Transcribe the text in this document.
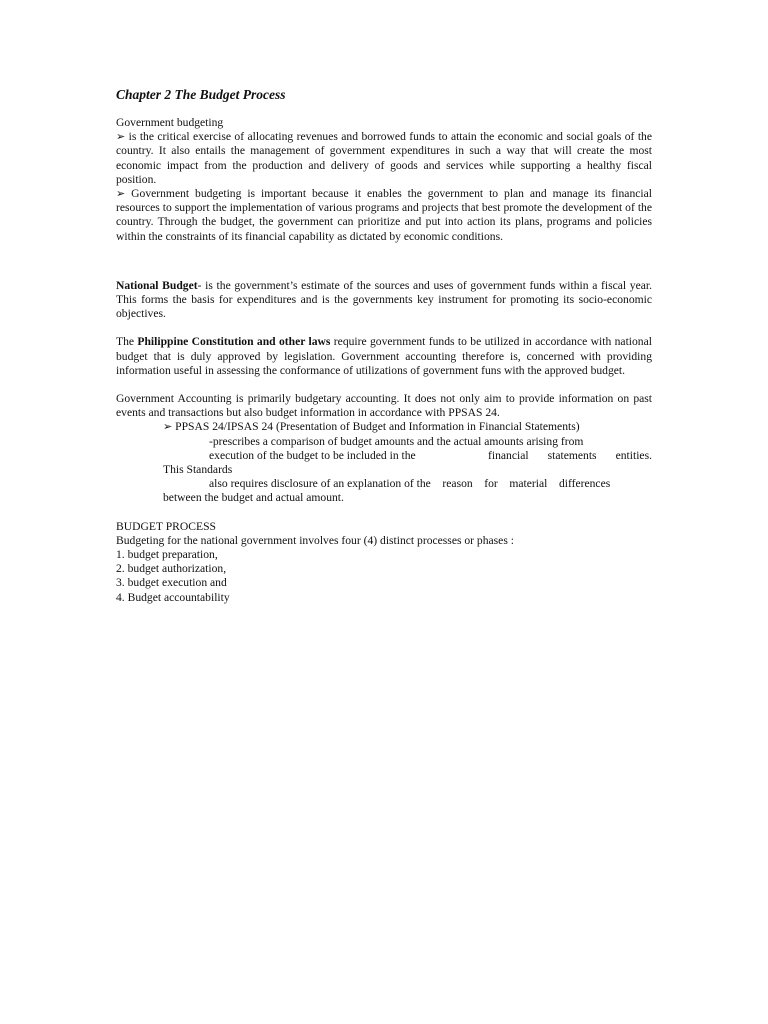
Chapter 2 The Budget Process

Government budgeting

➢ is the critical exercise of allocating revenues and borrowed funds to attain the economic and social goals of the country. It also entails the management of government expenditures in such a way that will create the most economic impact from the production and delivery of goods and services while supporting a healthy fiscal position.

➢ Government budgeting is important because it enables the government to plan and manage its financial resources to support the implementation of various programs and projects that best promote the development of the country. Through the budget, the government can prioritize and put into action its plans, programs and policies within the constraints of its financial capability as dictated by economic conditions.

National Budget- is the government’s estimate of the sources and uses of government funds within a fiscal year. This forms the basis for expenditures and is the governments key instrument for promoting its socio-economic objectives.

The Philippine Constitution and other laws require government funds to be utilized in accordance with national budget that is duly approved by legislation. Government accounting therefore is, concerned with providing information useful in assessing the conformance of utilizations of government funs with the approved budget.

Government Accounting is primarily budgetary accounting. It does not only aim to provide information on past events and transactions but also budget information in accordance with PPSAS 24.

➢ PPSAS 24/IPSAS 24 (Presentation of Budget and Information in Financial Statements)

-prescribes a comparison of budget amounts and the actual amounts arising from

execution of the budget to be included in the	financial statements entities.

This Standards

also requires disclosure of an explanation of the    reason    for    material    differences

between the budget and actual amount.

BUDGET PROCESS

Budgeting for the national government involves four (4) distinct processes or phases :

1. budget preparation,

2. budget authorization,

3. budget execution and

4. Budget accountability
